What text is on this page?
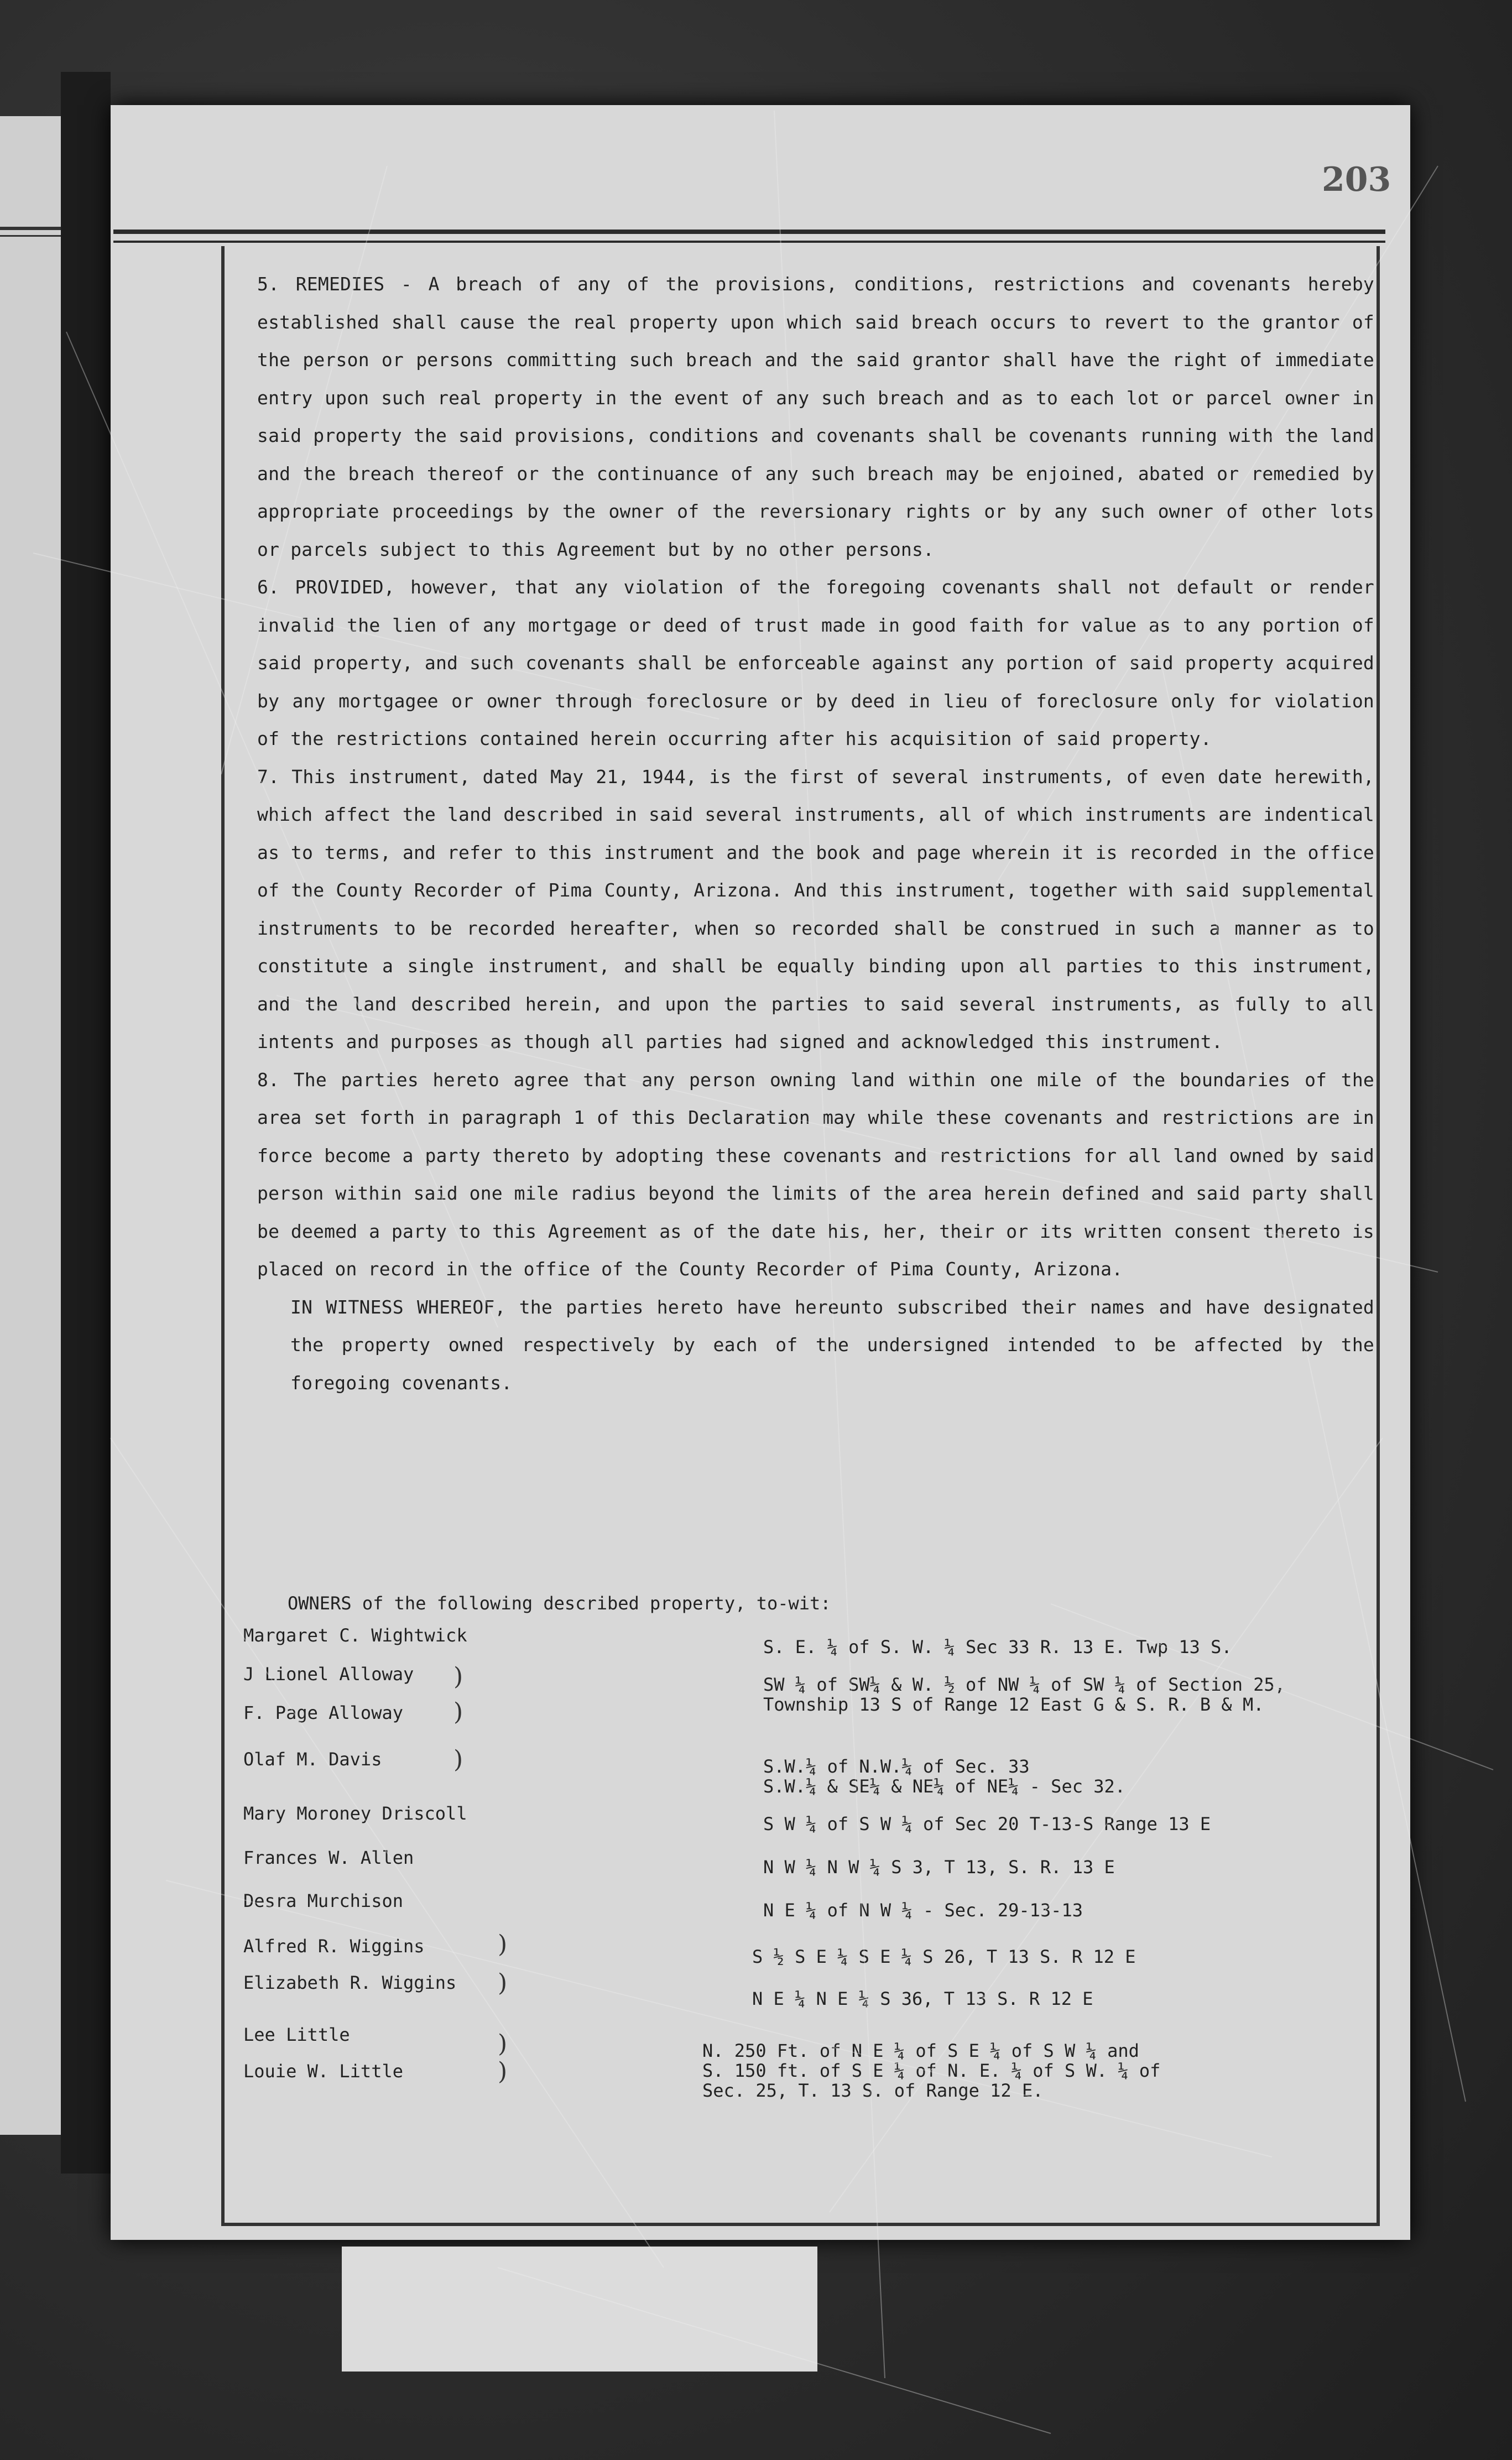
203

5. REMEDIES - A breach of any of the provisions, conditions, restrictions and covenants hereby established shall cause the real property upon which said breach occurs to revert to the grantor of the person or persons committing such breach and the said grantor shall have the right of immediate entry upon such real property in the event of any such breach and as to each lot or parcel owner in said property the said provisions, conditions and covenants shall be covenants running with the land and the breach thereof or the continuance of any such breach may be enjoined, abated or remedied by appropriate proceedings by the owner of the reversionary rights or by any such owner of other lots or parcels subject to this Agreement but by no other persons.

6. PROVIDED, however, that any violation of the foregoing covenants shall not default or render invalid the lien of any mortgage or deed of trust made in good faith for value as to any portion of said property, and such covenants shall be enforceable against any portion of said property acquired by any mortgagee or owner through foreclosure or by deed in lieu of foreclosure only for violation of the restrictions contained herein occurring after his acquisition of said property.

7. This instrument, dated May 21, 1944, is the first of several instruments, of even date herewith, which affect the land described in said several instruments, all of which instruments are indentical as to terms, and refer to this instrument and the book and page wherein it is recorded in the office of the County Recorder of Pima County, Arizona. And this instrument, together with said supplemental instruments to be recorded hereafter, when so recorded shall be construed in such a manner as to constitute a single instrument, and shall be equally binding upon all parties to this instrument, and the land described herein, and upon the parties to said several instruments, as fully to all intents and purposes as though all parties had signed and acknowledged this instrument.

8. The parties hereto agree that any person owning land within one mile of the boundaries of the area set forth in paragraph 1 of this Declaration may while these covenants and restrictions are in force become a party thereto by adopting these covenants and restrictions for all land owned by said person within said one mile radius beyond the limits of the area herein defined and said party shall be deemed a party to this Agreement as of the date his, her, their or its written consent thereto is placed on record in the office of the County Recorder of Pima County, Arizona.

IN WITNESS WHEREOF, the parties hereto have hereunto subscribed their names and have designated the property owned respectively by each of the undersigned intended to be affected by the foregoing covenants.

OWNERS of the following described property, to-wit:
Margaret C. Wightwick
J Lionel Alloway
F. Page Alloway
Olaf M. Davis
Mary Moroney Driscoll
Frances W. Allen
Desra Murchison
Alfred R. Wiggins
Elizabeth R. Wiggins
Lee Little
Louie W. Little
)
)
)
)
)
)
)
S. E. ¼ of S. W. ¼ Sec 33 R. 13 E. Twp 13 S.
SW ¼ of SW¼ & W. ½ of NW ¼ of SW ¼ of Section 25, Township 13 S of Range 12 East G & S. R. B & M.
S.W.¼ of N.W.¼ of Sec. 33
S.W.¼ & SE¼ & NE¼ of NE¼ - Sec 32.
S W ¼ of S W ¼ of Sec 20 T-13-S Range 13 E
N W ¼ N W ¼ S 3, T 13, S. R. 13 E
N E ¼ of N W ¼ - Sec. 29-13-13
S ½ S E ¼ S E ¼ S 26, T 13 S. R 12 E
N E ¼ N E ¼ S 36, T 13 S. R 12 E
N. 250 Ft. of N E ¼ of S E ¼ of S W ¼ and
S. 150 ft. of S E ¼ of N. E. ¼ of S W. ¼ of
Sec. 25, T. 13 S. of Range 12 E.
